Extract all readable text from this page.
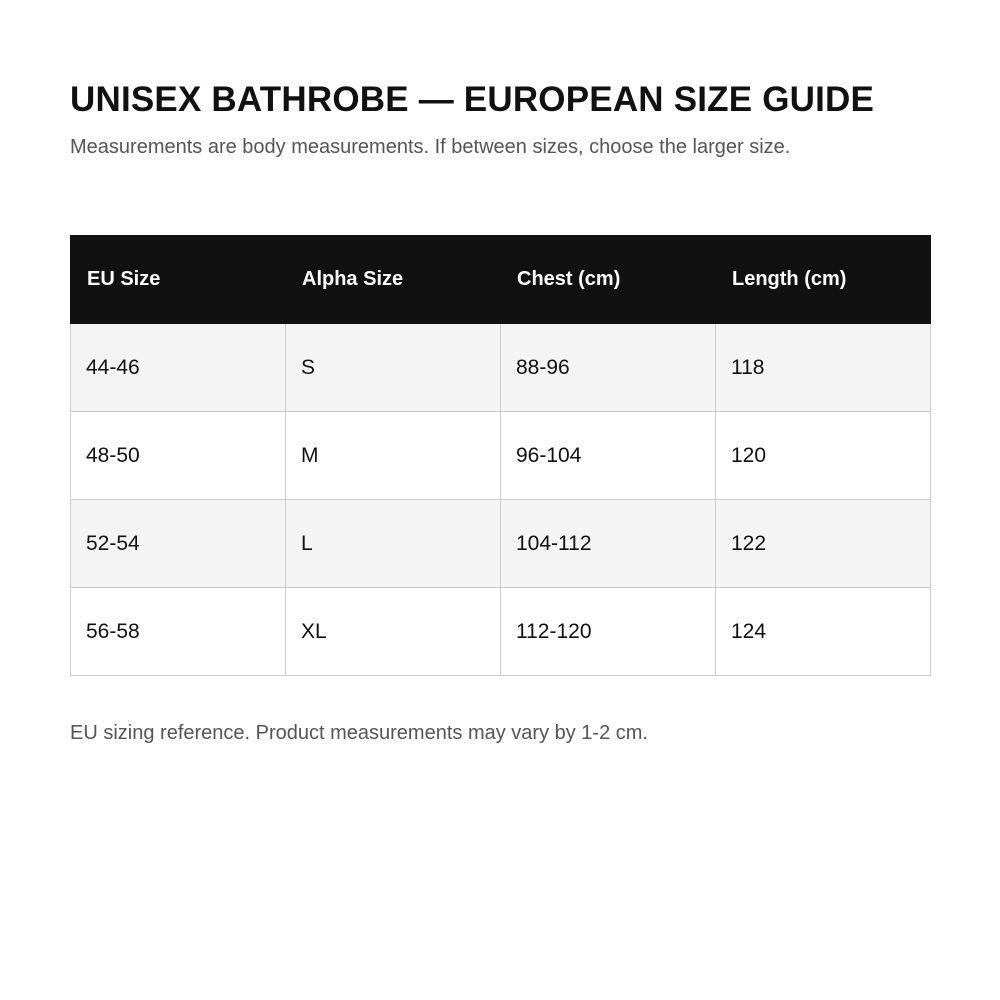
UNISEX BATHROBE — EUROPEAN SIZE GUIDE

Measurements are body measurements. If between sizes, choose the larger size.

EU Size	Alpha Size	Chest (cm)	Length (cm)
44-46	S	88-96	118
48-50	M	96-104	120
52-54	L	104-112	122
56-58	XL	112-120	124

EU sizing reference. Product measurements may vary by 1-2 cm.
